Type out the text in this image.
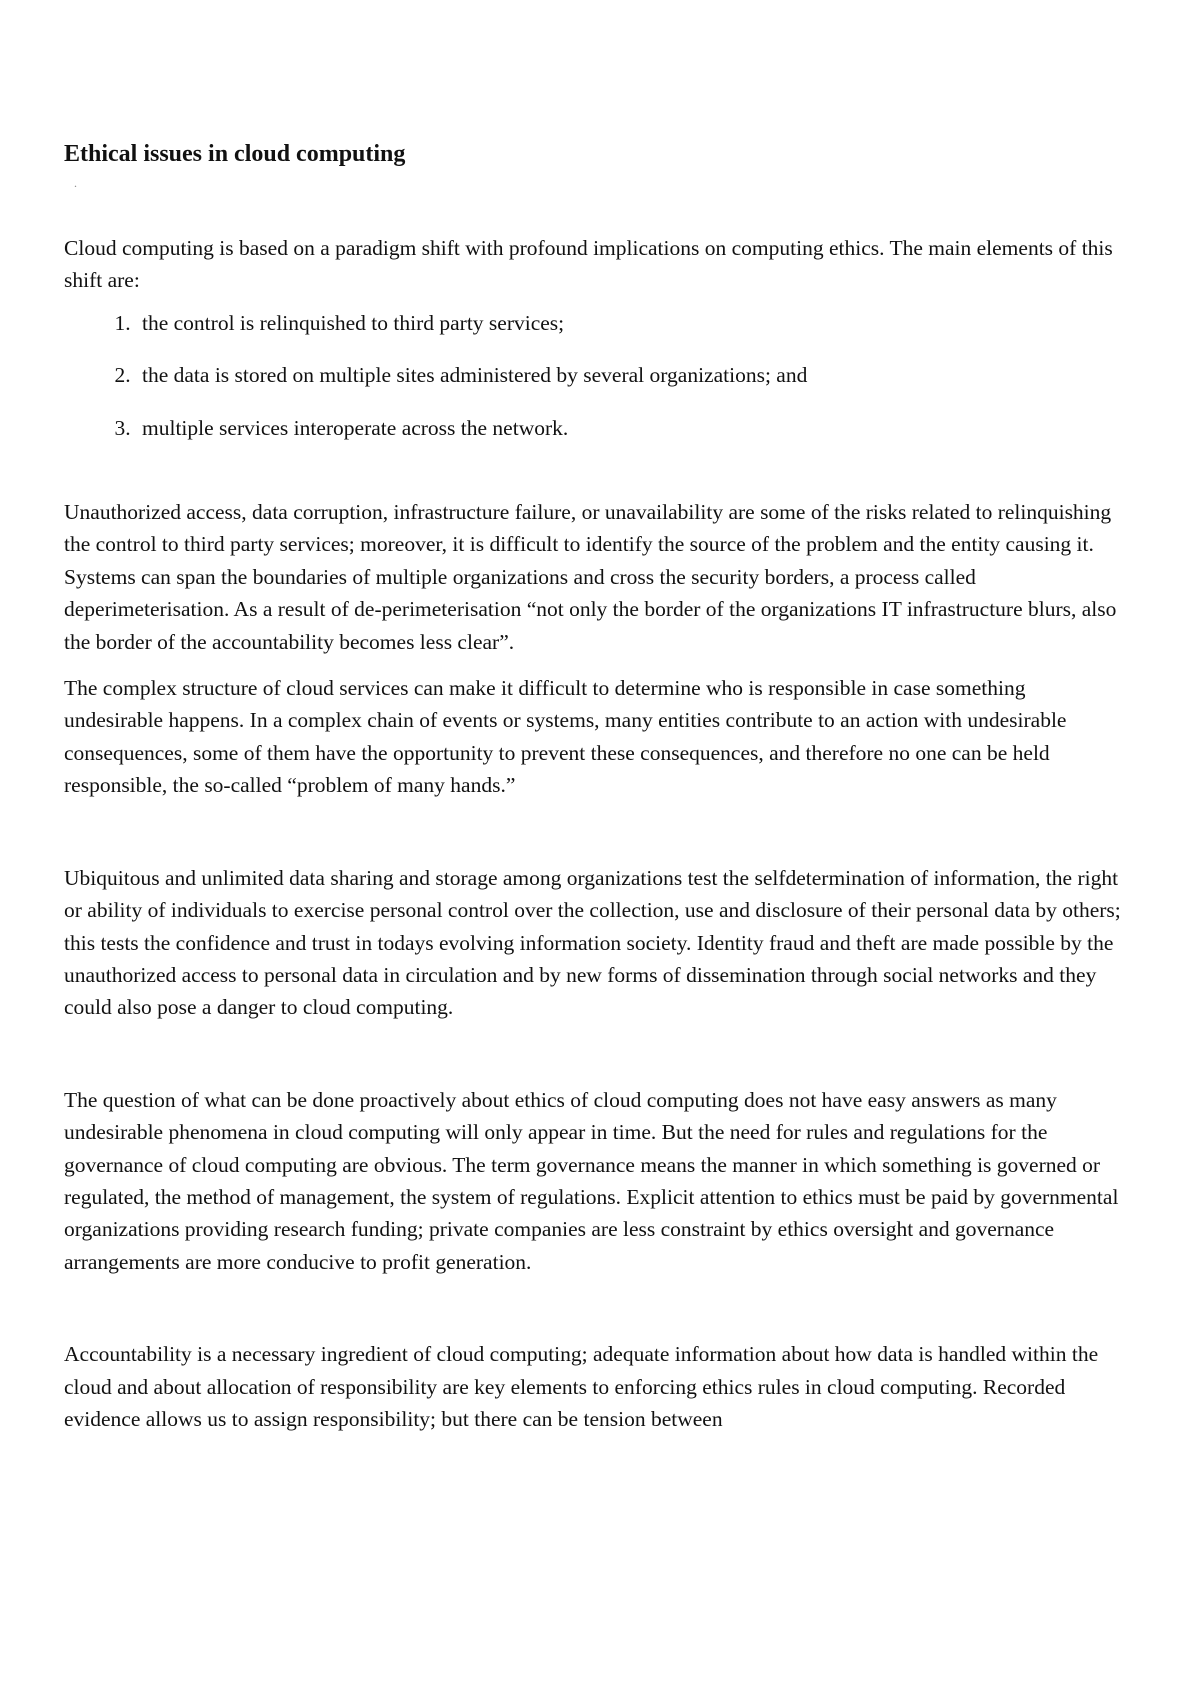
Ethical issues in cloud computing
.

Cloud computing is based on a paradigm shift with profound implications on computing ethics. The main elements of this shift are:

1. the control is relinquished to third party services;
2. the data is stored on multiple sites administered by several organizations; and
3. multiple services interoperate across the network.

Unauthorized access, data corruption, infrastructure failure, or unavailability are some of the risks related to relinquishing the control to third party services; moreover, it is difficult to identify the source of the problem and the entity causing it. Systems can span the boundaries of multiple organizations and cross the security borders, a process called deperimeterisation. As a result of de-perimeterisation “not only the border of the organizations IT infrastructure blurs, also the border of the accountability becomes less clear”.

The complex structure of cloud services can make it difficult to determine who is responsible in case something undesirable happens. In a complex chain of events or systems, many entities contribute to an action with undesirable consequences, some of them have the opportunity to prevent these consequences, and therefore no one can be held responsible, the so-called “problem of many hands.”

Ubiquitous and unlimited data sharing and storage among organizations test the selfdetermination of information, the right or ability of individuals to exercise personal control over the collection, use and disclosure of their personal data by others; this tests the confidence and trust in todays evolving information society. Identity fraud and theft are made possible by the unauthorized access to personal data in circulation and by new forms of dissemination through social networks and they could also pose a danger to cloud computing.

The question of what can be done proactively about ethics of cloud computing does not have easy answers as many undesirable phenomena in cloud computing will only appear in time. But the need for rules and regulations for the governance of cloud computing are obvious. The term governance means the manner in which something is governed or regulated, the method of management, the system of regulations. Explicit attention to ethics must be paid by governmental organizations providing research funding; private companies are less constraint by ethics oversight and governance arrangements are more conducive to profit generation.

Accountability is a necessary ingredient of cloud computing; adequate information about how data is handled within the cloud and about allocation of responsibility are key elements to enforcing ethics rules in cloud computing. Recorded evidence allows us to assign responsibility; but there can be tension between
